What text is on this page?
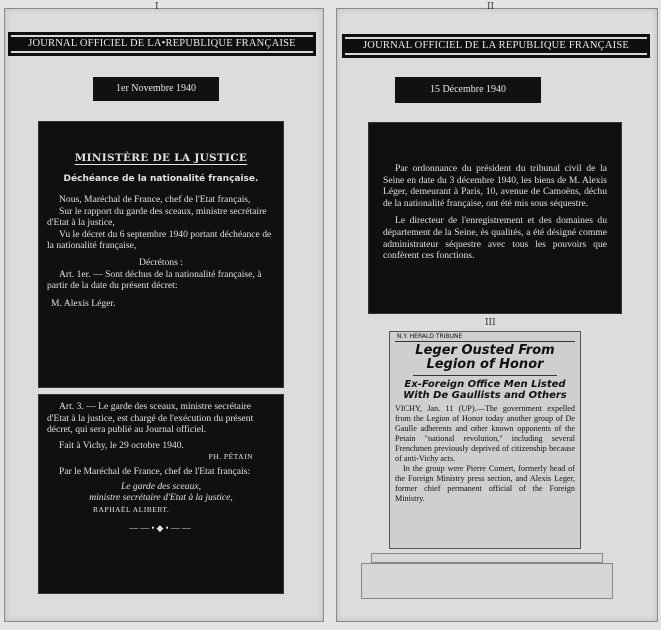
I
JOURNAL OFFICIEL DE LA•REPUBLIQUE FRANÇAISE
1er Novembre 1940
MINISTÈRE DE LA JUSTICE
Déchéance de la nationalité française.

Nous, Maréchal de France, chef de l'Etat français,

Sur le rapport du garde des sceaux, ministre secrétaire d'Etat à la justice,

Vu le décret du 6 septembre 1940 portant déchéance de la nationalité française,

Décrétons :

Art. 1er. — Sont déchus de la nationalité française, à partir de la date du présent décret:

M. Alexis Léger.

Art. 3. — Le garde des sceaux, ministre secrétaire d'Etat à la justice, est chargé de l'exécution du présent décret, qui sera publié au Journal officiel.

Fait à Vichy, le 29 octobre 1940.

PH. PÉTAIN

Par le Maréchal de France, chef de l'Etat français:

Le garde des sceaux,

ministre secrétaire d'Etat à la justice,

RAPHAËL ALIBERT.

——•◆•——

II
JOURNAL OFFICIEL DE LA REPUBLIQUE FRANÇAISE
15 Décembre 1940

Par ordonnance du président du tribunal civil de la Seine en date du 3 décembre 1940, les biens de M. Alexis Léger, demeurant à Paris, 10, avenue de Camoëns, déchu de la nationalité française, ont été mis sous séquestre.

Le directeur de l'enregistrement et des domaines du département de la Seine, ès qualités, a été désigné comme administrateur séquestre avec tous les pouvoirs que confèrent ces fonctions.

III
N.Y. HERALD TRIBUNE
Leger Ousted From Legion of Honor
Ex-Foreign Office Men Listed With De Gaullists and Others
VICHY, Jan. 11 (UP).—The government expelled from the Legion of Honor today another group of De Gaulle adherents and other known opponents of the Petain "national revolution," including several Frenchmen previously deprived of citizenship because of anti-Vichy acts.
In the group were Pierre Comert, formerly head of the Foreign Ministry press section, and Alexis Leger, former chief permanent official of the Foreign Ministry.
